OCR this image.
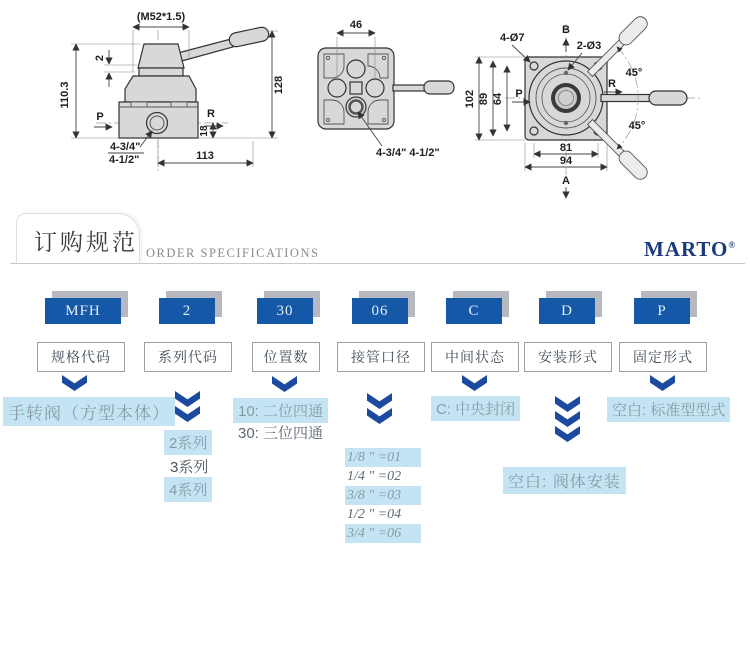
(M52*1.5)
110.3
2
128
18
P	R
4-3/4"
4-1/2"	113
46
4-3/4" 4-1/2"
4-Ø7
B
2-Ø3
45°
R
P
45°
102 89 64
81
94
A
订购规范 ORDER SPECIFICATIONS	MARTO®
MFH	2	30	06	C	D	P
规格代码	系列代码	位置数	接管口径	中间状态	安装形式	固定形式
手转阀（方型本体）
2系列
3系列
4系列
10: 二位四通
30: 三位四通
1/8 ″ =01
1/4 ″ =02
3/8 ″ =03
1/2 ″ =04
3/4 ″ =06
C: 中央封闭
空白: 阀体安装
空白: 标准型型式
